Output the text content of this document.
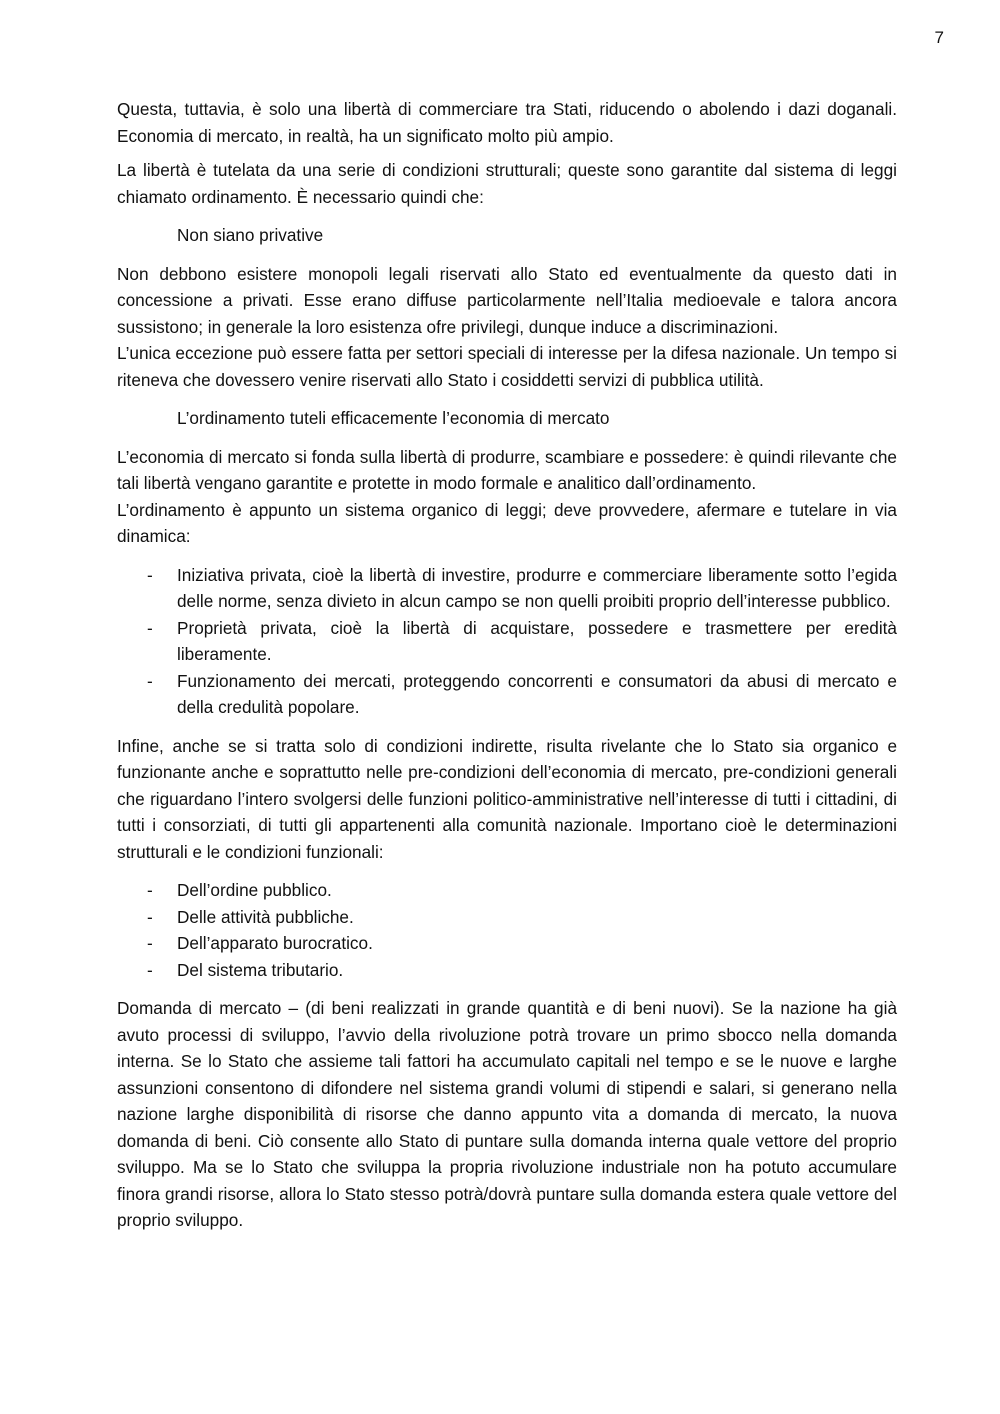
7

Questa, tuttavia, è solo una libertà di commerciare tra Stati, riducendo o abolendo i dazi doganali. Economia di mercato, in realtà, ha un significato molto più ampio.

La libertà è tutelata da una serie di condizioni strutturali; queste sono garantite dal sistema di leggi chiamato ordinamento. È necessario quindi che:

Non siano privative

Non debbono esistere monopoli legali riservati allo Stato ed eventualmente da questo dati in concessione a privati. Esse erano diffuse particolarmente nell’Italia medioevale e talora ancora sussistono; in generale la loro esistenza ofre privilegi, dunque induce a discriminazioni.

L’unica eccezione può essere fatta per settori speciali di interesse per la difesa nazionale. Un tempo si riteneva che dovessero venire riservati allo Stato i cosiddetti servizi di pubblica utilità.

L’ordinamento tuteli efficacemente l’economia di mercato

L’economia di mercato si fonda sulla libertà di produrre, scambiare e possedere: è quindi rilevante che tali libertà vengano garantite e protette in modo formale e analitico dall’ordinamento.

L’ordinamento è appunto un sistema organico di leggi; deve provvedere, afermare e tutelare in via dinamica:

-	Iniziativa privata, cioè la libertà di investire, produrre e commerciare liberamente sotto l’egida delle norme, senza divieto in alcun campo se non quelli proibiti proprio dell’interesse pubblico.
-	Proprietà privata, cioè la libertà di acquistare, possedere e trasmettere per eredità liberamente.
-	Funzionamento dei mercati, proteggendo concorrenti e consumatori da abusi di mercato e della credulità popolare.

Infine, anche se si tratta solo di condizioni indirette, risulta rivelante che lo Stato sia organico e funzionante anche e soprattutto nelle pre-condizioni dell’economia di mercato, pre-condizioni generali che riguardano l’intero svolgersi delle funzioni politico-amministrative nell’interesse di tutti i cittadini, di tutti i consorziati, di tutti gli appartenenti alla comunità nazionale. Importano cioè le determinazioni strutturali e le condizioni funzionali:

-	Dell’ordine pubblico.
-	Delle attività pubbliche.
-	Dell’apparato burocratico.
-	Del sistema tributario.

Domanda di mercato – (di beni realizzati in grande quantità e di beni nuovi). Se la nazione ha già avuto processi di sviluppo, l’avvio della rivoluzione potrà trovare un primo sbocco nella domanda interna. Se lo Stato che assieme tali fattori ha accumulato capitali nel tempo e se le nuove e larghe assunzioni consentono di difondere nel sistema grandi volumi di stipendi e salari, si generano nella nazione larghe disponibilità di risorse che danno appunto vita a domanda di mercato, la nuova domanda di beni. Ciò consente allo Stato di puntare sulla domanda interna quale vettore del proprio sviluppo. Ma se lo Stato che sviluppa la propria rivoluzione industriale non ha potuto accumulare finora grandi risorse, allora lo Stato stesso potrà/dovrà puntare sulla domanda estera quale vettore del proprio sviluppo.
